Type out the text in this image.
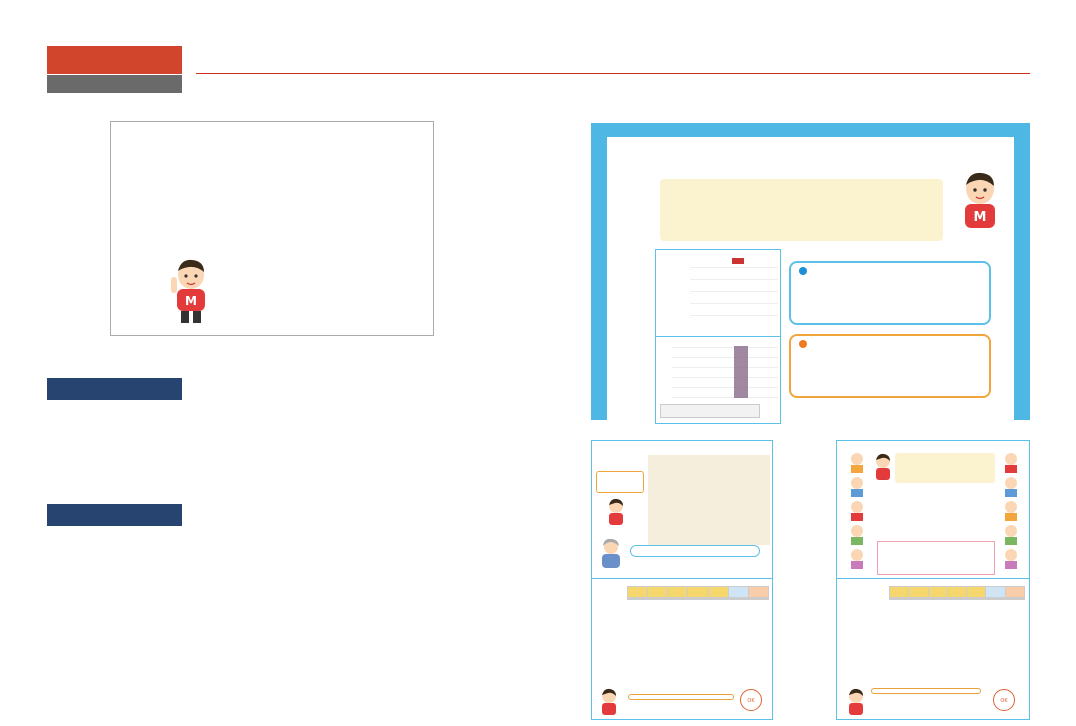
M
M
OK	OK
